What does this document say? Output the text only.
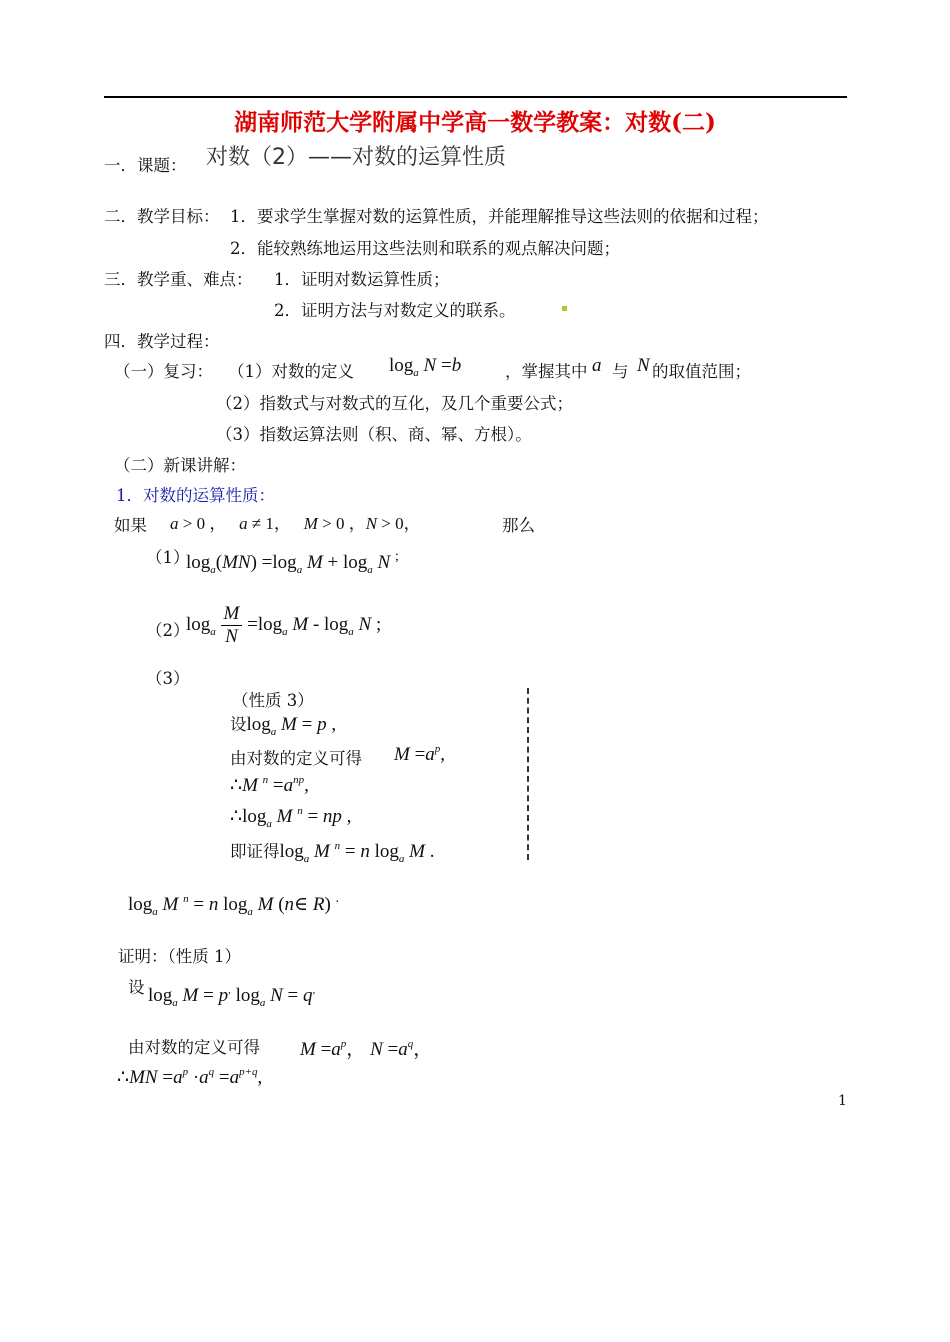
湖南师范大学附属中学高一数学教案：对数(二)
一．课题： 对数（2）——对数的运算性质
二．教学目标： 1．要求学生掌握对数的运算性质，并能理解推导这些法则的依据和过程；
2．能较熟练地运用这些法则和联系的观点解决问题；
三．教学重、难点： 1．证明对数运算性质；
2．证明方法与对数定义的联系。
四．教学过程：
（一）复习： （1）对数的定义 $\log_a N =b$	，掌握其中 a 与 N 的取值范围；
（2）指数式与对数式的互化，及几个重要公式；
（3）指数运算法则（积、商、幂、方根）。
（二）新课讲解：
1．对数的运算性质：
如果 a > 0 ，   a ≠ 1，   M > 0 ，N > 0，	那么
（1）
$\log_a(MN) =\log_a$ $M + \log_a N$ ;
（2）
$\log_a \frac{M}{N} =\log_a$ M - $\log_a N$ ;
（3）
（性质 3）
设$\log_a M = p$ ,
由对数的定义可得 $M =a^p$,
∴M $^n =a^{np}$,
$\therefore\log_a$ M $^n$ = np ,
即证得$\log_a M$ $^n$ = n $\log_a M$ .
$\log_a M$ $^n$ = n $\log_a M$ (n∈ R) .
证明：（性质 1）
设 $\log_a M = p^,$ $\log_a N = q^,$
由对数的定义可得 $M =a^p$， $N =a^q$，
∴MN $=a^p \cdot a^q =a^{p+q}$,
1
